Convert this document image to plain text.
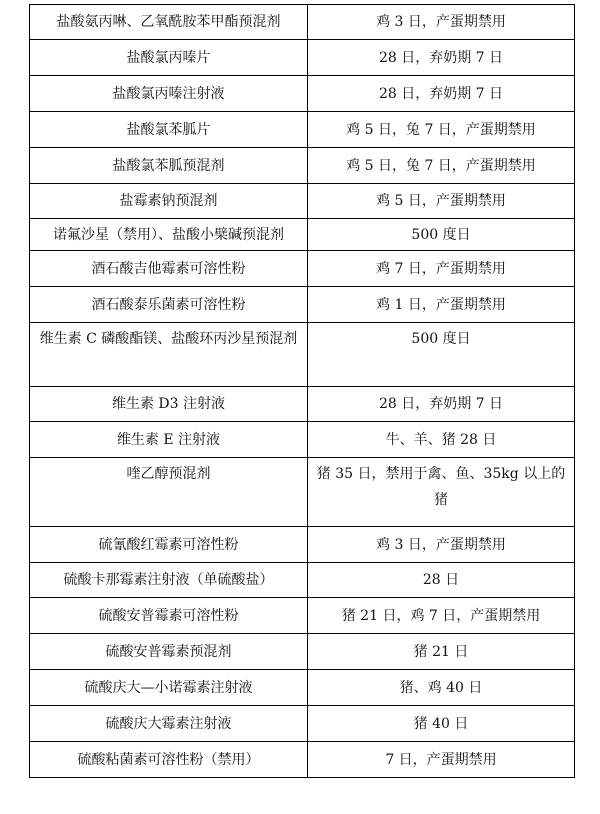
盐酸氨丙啉、乙氧酰胺苯甲酯预混剂	鸡 3 日，产蛋期禁用
盐酸氯丙嗪片	28 日，弃奶期 7 日
盐酸氯丙嗪注射液	28 日，弃奶期 7 日
盐酸氯苯胍片	鸡 5 日，兔 7 日，产蛋期禁用
盐酸氯苯胍预混剂	鸡 5 日，兔 7 日，产蛋期禁用
盐霉素钠预混剂	鸡 5 日，产蛋期禁用
诺氟沙星（禁用）、盐酸小檗碱预混剂	500 度日
酒石酸吉他霉素可溶性粉	鸡 7 日，产蛋期禁用
酒石酸泰乐菌素可溶性粉	鸡 1 日，产蛋期禁用
维生素 C 磷酸酯镁、盐酸环丙沙星预混剂	500 度日
维生素 D3 注射液	28 日，弃奶期 7 日
维生素 E 注射液	牛、羊、猪 28 日
喹乙醇预混剂	猪 35 日，禁用于禽、鱼、35kg 以上的猪
硫氰酸红霉素可溶性粉	鸡 3 日，产蛋期禁用
硫酸卡那霉素注射液（单硫酸盐）	28 日
硫酸安普霉素可溶性粉	猪 21 日，鸡 7 日，产蛋期禁用
硫酸安普霉素预混剂	猪 21 日
硫酸庆大—小诺霉素注射液	猪、鸡 40 日
硫酸庆大霉素注射液	猪 40 日
硫酸粘菌素可溶性粉（禁用）	7 日，产蛋期禁用
